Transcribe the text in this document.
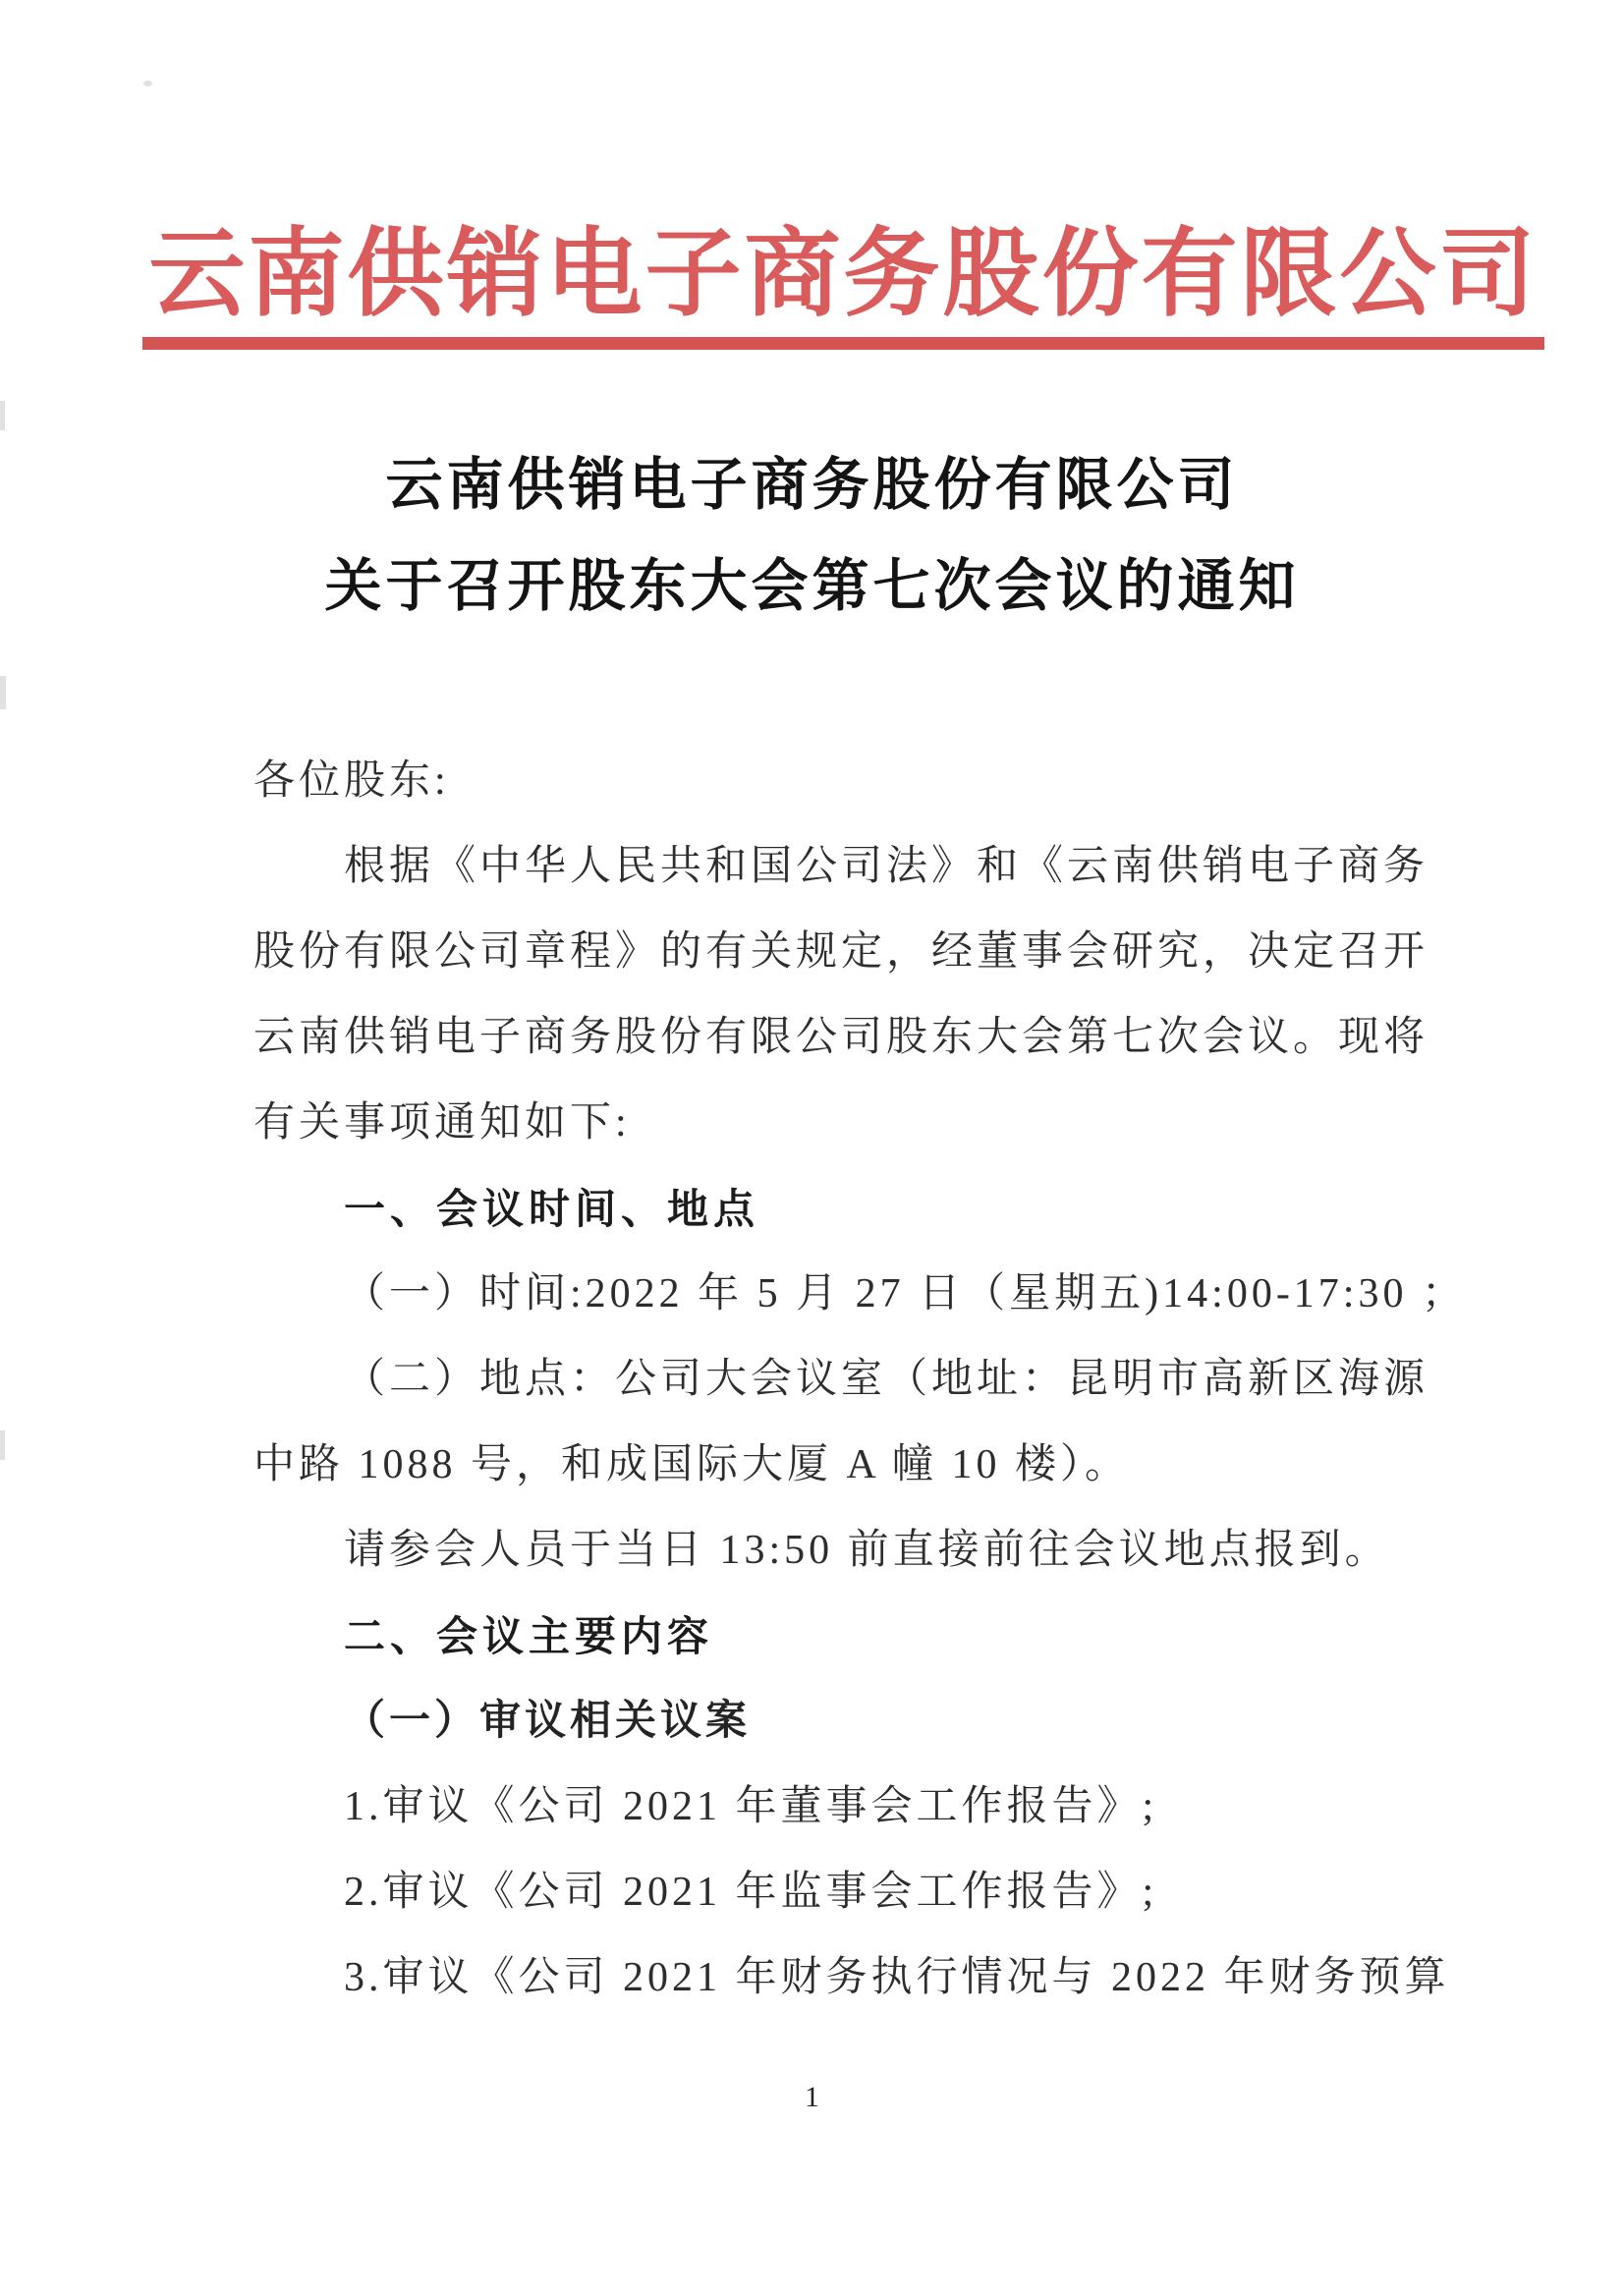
云南供销电子商务股份有限公司
云南供销电子商务股份有限公司
关于召开股东大会第七次会议的通知
各位股东:
根据《中华人民共和国公司法》和《云南供销电子商务
股份有限公司章程》的有关规定，经董事会研究，决定召开
云南供销电子商务股份有限公司股东大会第七次会议。现将
有关事项通知如下:
一、会议时间、地点
（一）时间:2022 年 5 月 27 日（星期五)14:00-17:30 ；
（二）地点：公司大会议室（地址：昆明市高新区海源
中路 1088 号，和成国际大厦 A 幢 10 楼）。
请参会人员于当日 13:50 前直接前往会议地点报到。
二、会议主要内容
（一）审议相关议案
1.审议《公司 2021 年董事会工作报告》;
2.审议《公司 2021 年监事会工作报告》;
3.审议《公司 2021 年财务执行情况与 2022 年财务预算
1
